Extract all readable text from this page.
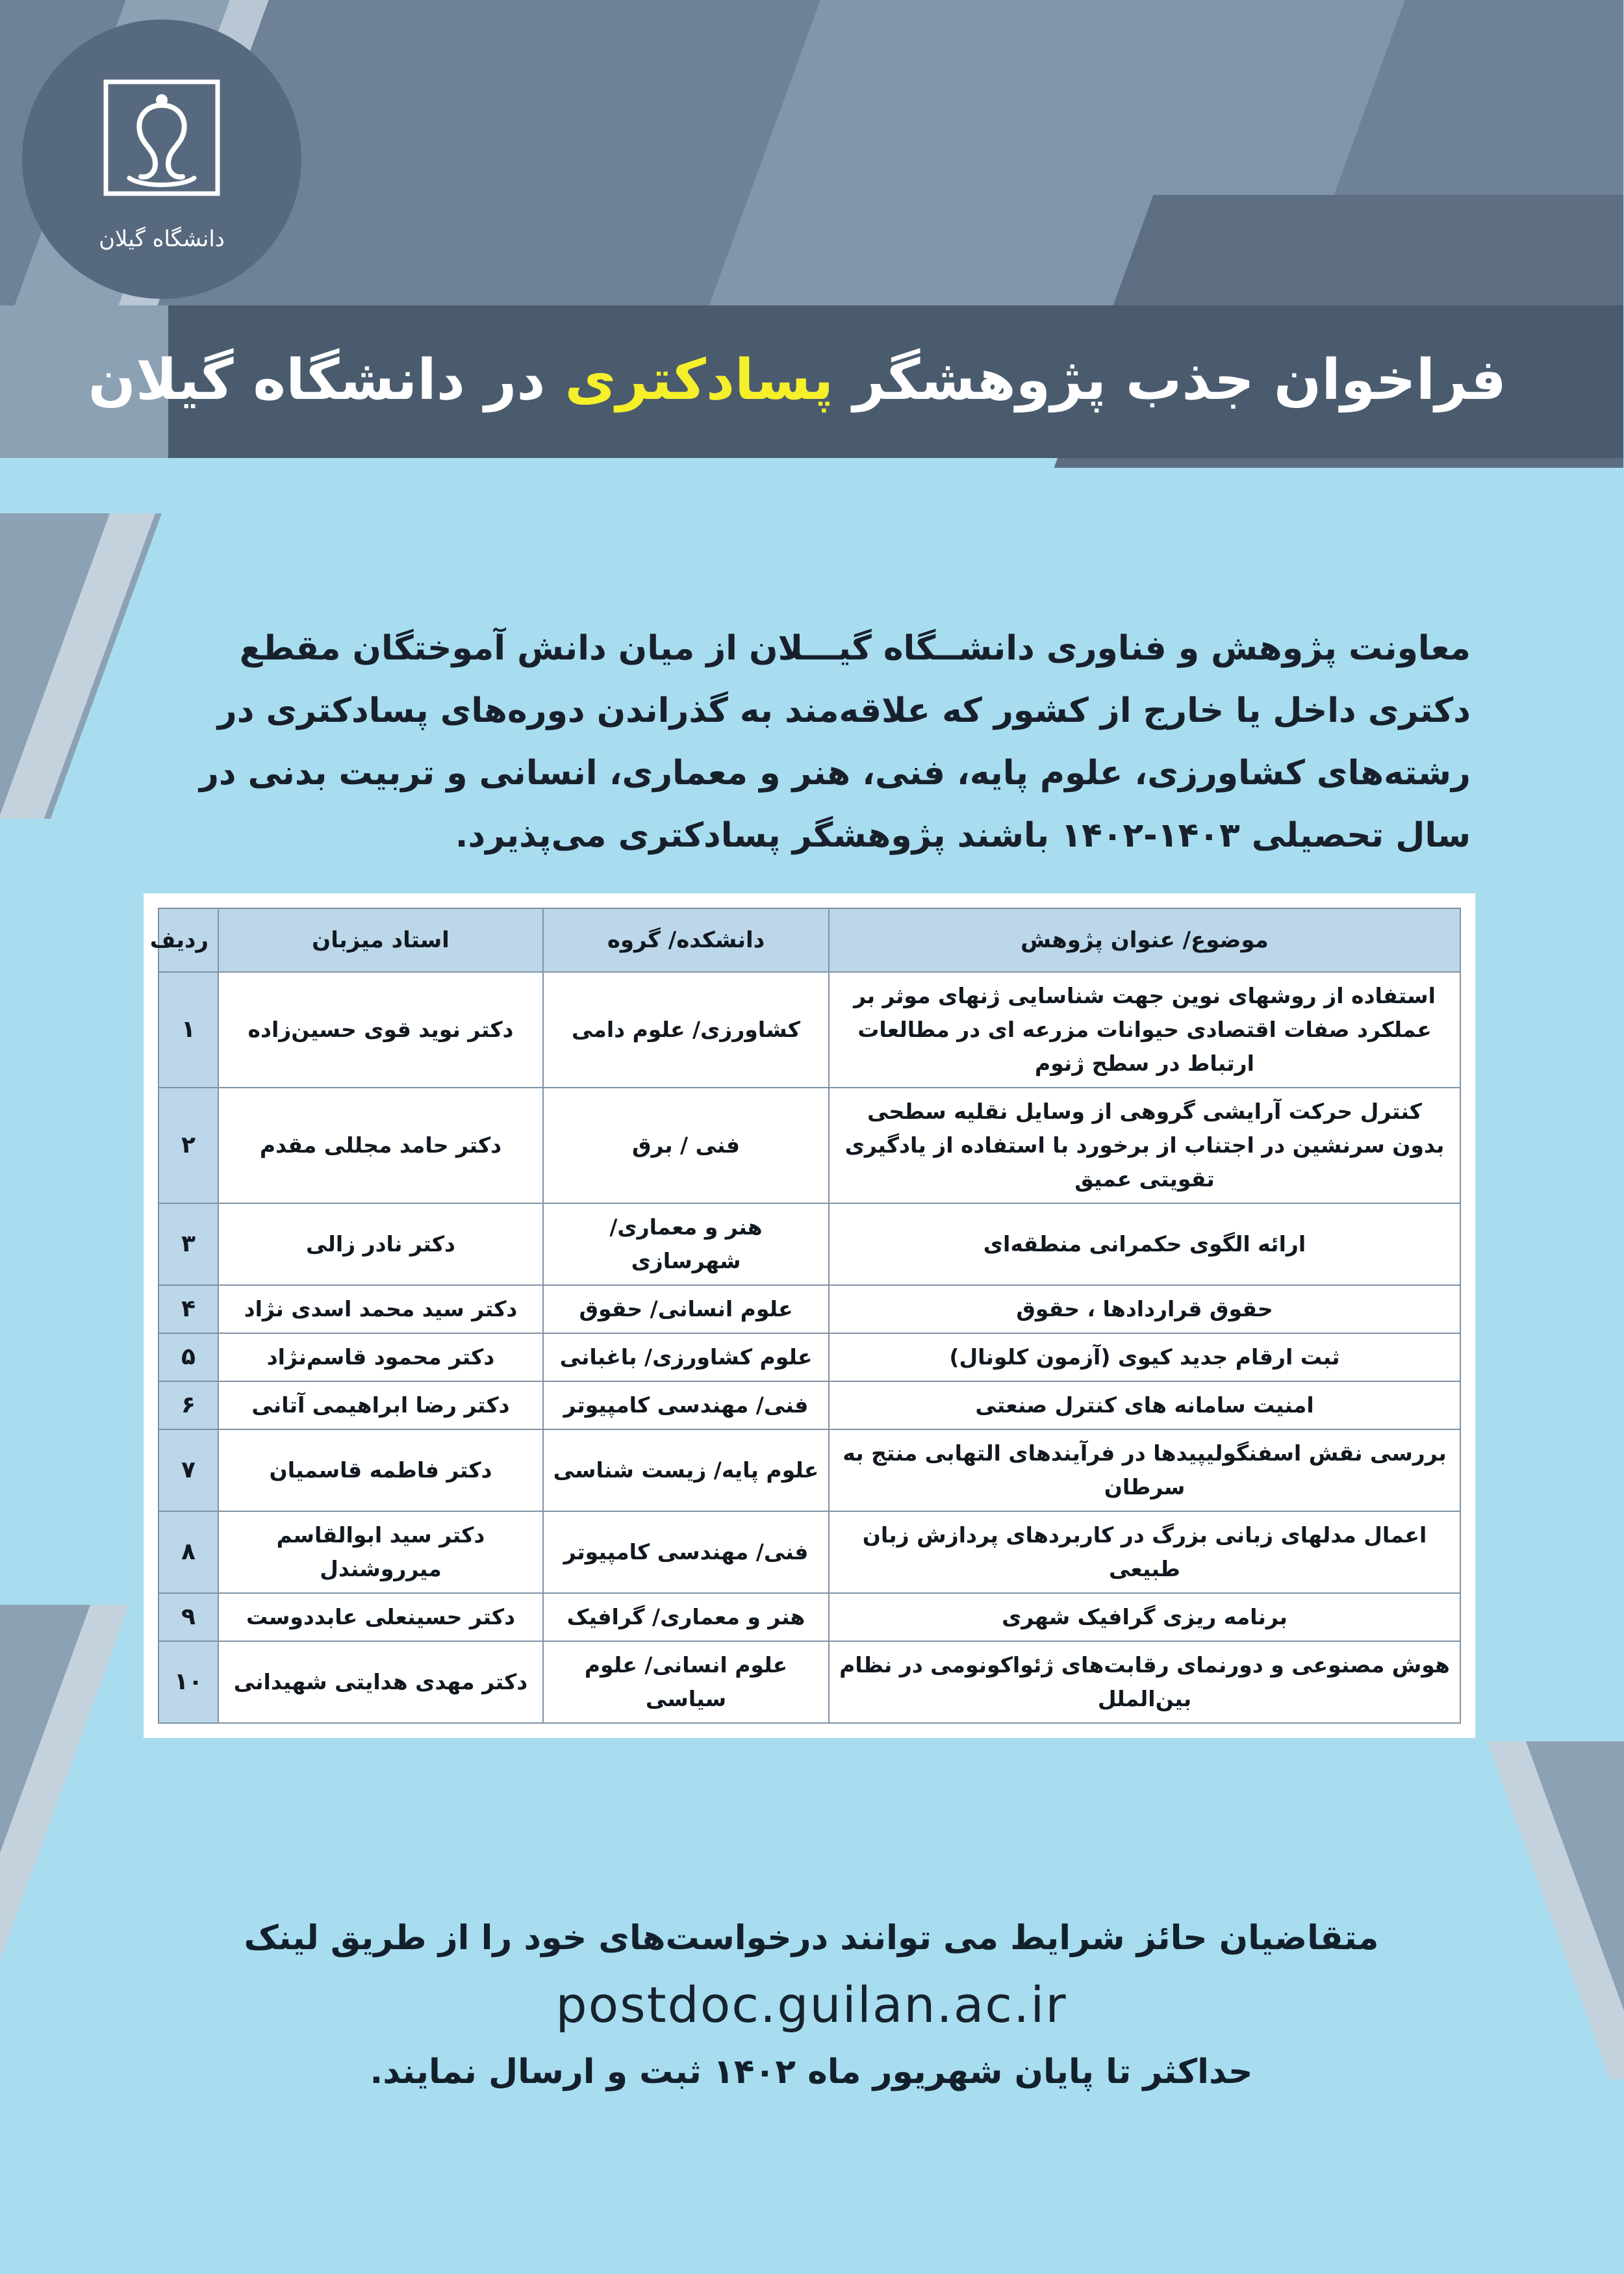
دانشگاه گیلان
فراخوان جذب پژوهشگر پسادکتری در دانشگاه گیلان
معاونت پژوهش و فناوری دانشــگاه گیـــلان از میان دانش آموختگان مقطع دکتری داخل یا خارج از کشور که علاقه‌مند به گذراندن دوره‌های پسادکتری در رشته‌های کشاورزی، علوم پایه، فنی، هنر و معماری، انسانی و تربیت بدنی در سال تحصیلی ۱۴۰۳-۱۴۰۲ باشند پژوهشگر پسادکتری می‌پذیرد.
موضوع/ عنوان پژوهش	دانشکده/ گروه	استاد میزبان	ردیف
استفاده از روشهای نوین جهت شناسایی ژنهای موثر بر عملکرد صفات اقتصادی حیوانات مزرعه ای در مطالعات ارتباط در سطح ژنوم	کشاورزی/ علوم دامی	دکتر نوید قوی حسین‌زاده	۱
کنترل حرکت آرایشی گروهی از وسایل نقلیه سطحی بدون سرنشین در اجتناب از برخورد با استفاده از یادگیری تقویتی عمیق	فنی / برق	دکتر حامد مجللی مقدم	۲
ارائه الگوی حکمرانی منطقه‌ای	هنر و معماری/ شهرسازی	دکتر نادر زالی	۳
حقوق قراردادها ، حقوق	علوم انسانی/ حقوق	دکتر سید محمد اسدی نژاد	۴
ثبت ارقام جدید کیوی (آزمون کلونال)	علوم کشاورزی/ باغبانی	دکتر محمود قاسم‌نژاد	۵
امنیت سامانه های کنترل صنعتی	فنی/ مهندسی کامپیوتر	دکتر رضا ابراهیمی آتانی	۶
بررسی نقش اسفنگولیپیدها در فرآیندهای التهابی منتج به سرطان	علوم پایه/ زیست شناسی	دکتر فاطمه قاسمیان	۷
اعمال مدلهای زبانی بزرگ در کاربردهای پردازش زبان طبیعی	فنی/ مهندسی کامپیوتر	دکتر سید ابوالقاسم میرروشندل	۸
برنامه ریزی گرافیک شهری	هنر و معماری/ گرافیک	دکتر حسینعلی عابددوست	۹
هوش مصنوعی و دورنمای رقابت‌های ژئواکونومی در نظام بین‌الملل	علوم انسانی/ علوم سیاسی	دکتر مهدی هدایتی شهیدانی	۱۰
متقاضیان حائز شرایط می توانند درخواست‌های خود را از طریق لینک
postdoc.guilan.ac.ir
حداکثر تا پایان شهریور ماه ۱۴۰۲ ثبت و ارسال نمایند.
